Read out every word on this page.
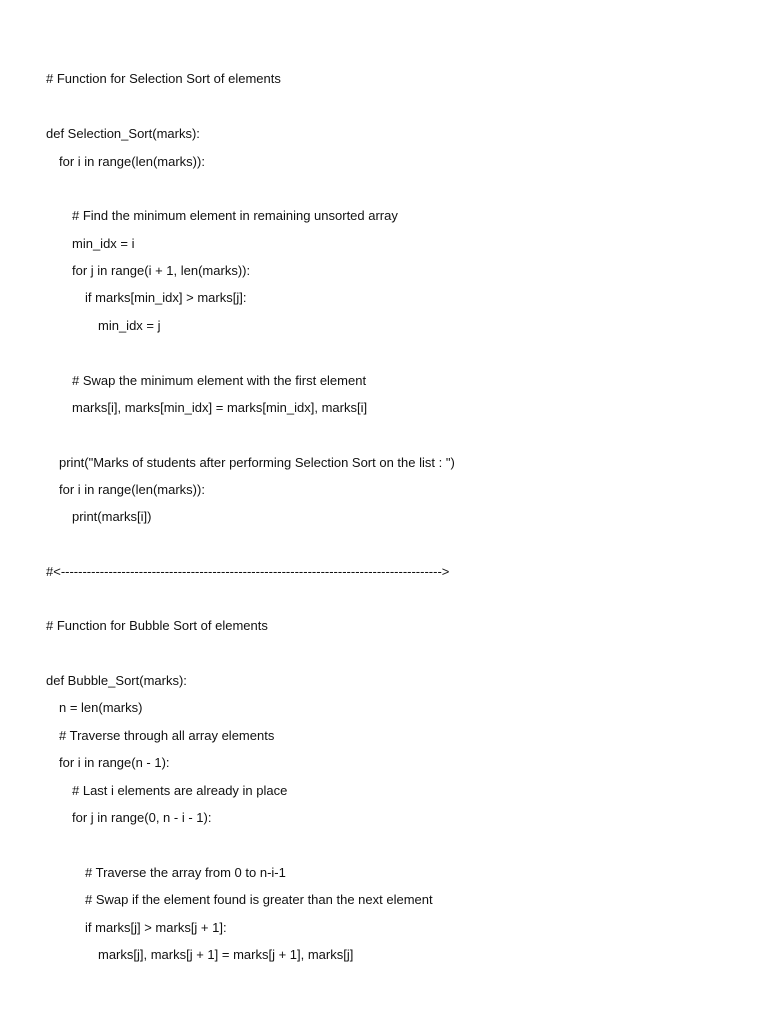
# Function for Selection Sort of elements
def Selection_Sort(marks):
for i in range(len(marks)):
# Find the minimum element in remaining unsorted array
min_idx = i
for j in range(i + 1, len(marks)):
if marks[min_idx] > marks[j]:
min_idx = j
# Swap the minimum element with the first element
marks[i], marks[min_idx] = marks[min_idx], marks[i]
print("Marks of students after performing Selection Sort on the list : ")
for i in range(len(marks)):
print(marks[i])
#<---------------------------------------------------------------------------------------->
# Function for Bubble Sort of elements
def Bubble_Sort(marks):
n = len(marks)
# Traverse through all array elements
for i in range(n - 1):
# Last i elements are already in place
for j in range(0, n - i - 1):
# Traverse the array from 0 to n-i-1
# Swap if the element found is greater than the next element
if marks[j] > marks[j + 1]:
marks[j], marks[j + 1] = marks[j + 1], marks[j]
